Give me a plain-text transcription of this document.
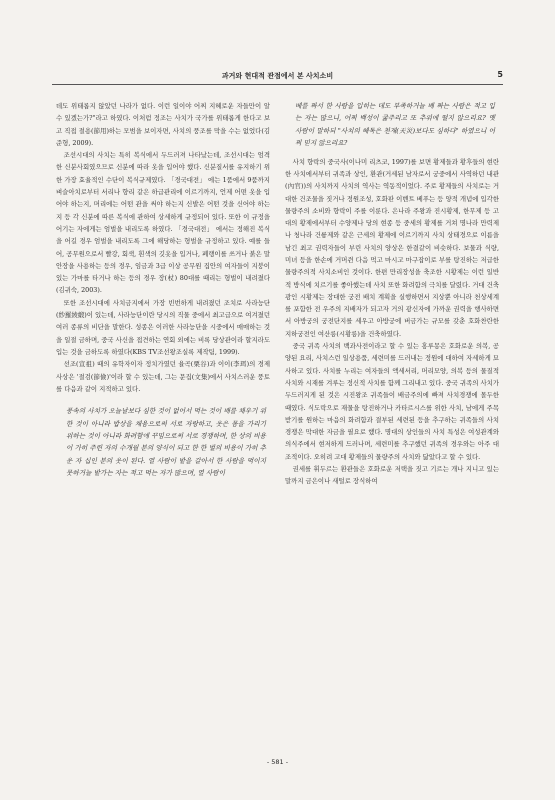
과거와 현대적 관점에서 본 사치소비	5

데도 위태롭지 않았던 나라가 없다. 이런 일이야 어찌 지혜로운 자들만이 알 수 있겠는가?"라고 하였다. 이처럼 정조는 사치가 국가를 위태롭게 한다고 보고 직접 절용(節用)하는 모범을 보이자면, 사치의 풍조를 막을 수는 없었다(김준형, 2009).

조선시대의 사치는 특히 복식에서 두드러져 나타났는데, 조선시대는 엄격한 신분사회였으므로 신분에 따라 옷을 입어야 했다. 신분질서를 유지하기 위한 가장 효율적인 수단이 복식규제였다. 「경국대전」 에는 1품에서 9품까지 벼슬아치로부터 서리나 향리 같은 하급관리에 이르기까지, 언제 어떤 옷을 입어야 하는지, 머리에는 어떤 관을 써야 하는지 신발은 어떤 것을 신어야 하는지 등 각 신분에 따른 복식에 관하여 상세하게 규정되어 있다. 또한 이 규정을 어기는 자에게는 엄벌을 내리도록 하였다. 「경국대전」 에서는 정해진 복식을 어길 경우 엄벌을 내리도록 그에 해당하는 형벌을 규정하고 있다. 예를 들어, 공무원으로서 빨강, 회색, 흰색의 깃옷을 입거나, 폐랭이를 쓰거나 붉은 말안장을 사용하는 등의 경우, 임금과 3급 이상 공무원 집안의 여자들이 지붕이 있는 가마를 타거나 하는 등의 경우 장(杖) 80대를 때리는 형벌이 내려졌다(김귀숙, 2003).

또한 조선시대에 사치금지에서 가장 빈번하게 내려졌던 조치로 사라능단(紗羅綾緞)이 있는데, 사라능단이란 당시의 직물 중에서 최고급으로 여겨졌던 여러 종류의 비단을 말한다. 성종은 이러한 사라능단을 시중에서 매매하는 것을 일절 금하며, 중국 사신을 접견하는 연회 외에는 비록 당상관이라 할지라도 입는 것을 금하도록 하였다(KBS TV조선왕조실록 제작팀, 1999).

선조(宣祖) 때의 유학자이자 정치가였던 율곡(栗谷)과 이이(李珥)의 경제사상은 '절검(節儉)'이라 할 수 있는데, 그는 문집(文集)에서 사치스러운 풍토를 다음과 같이 지적하고 있다.

풍속의 사치가 오늘날보다 심한 것이 없어서 먹는 것이 배를 채우기 위한 것이 아니라 밥상을 채움으로써 서로 자랑하고, 옷은 몸을 가리기 위하는 것이 아니라 화려함에 꾸밈으로써 서로 경쟁하며, 한 상의 비용이 가히 주린 자의 수개월 분의 양식이 되고 한 한 벌의 비용이 가히 추운 자 십인 분의 옷이 된다. 열 사람이 밭을 갈아서 한 사람을 먹이지 못하거늘 밭가는 자는 적고 먹는 자가 많으며, 열 사람이

베를 짜서 한 사람을 입히는 데도 부족하거늘 베 짜는 사람은 적고 입는 자는 많으니, 어찌 백성이 굶주리고 또 추위에 떨지 않으리요? 옛 사람이 말하되 "사치의 해독은 천재(天災)보다도 심하다" 하였으니 어찌 믿지 않으리요?

사치 향락의 중국사(이나미 리츠코, 1997)를 보면 황제들과 황후들의 현란한 사치에서부터 귀족과 상인, 환관(거세된 남자로서 궁중에서 사역하던 내관(內官))의 사치까지 사치의 역사는 역동적이었다. 주로 황제들의 사치로는 거대한 건조물을 짓거나 정원조성, 호화판 이벤트 베푸는 등 양적 개념에 입각한 물량주의 소비와 향락이 주를 이룬다. 은나라 주왕과 진시황제, 한무제 등 고대의 황제에서부터 수양제나 당의 현종 등 중세의 황제를 거쳐 명나라 만력제나 청나라 건륭제와 같은 근세의 황제에 이르기까지 사치 상태경으로 이름을 남긴 최고 권력자들이 부린 사치의 양상은 한결같이 비슷하다. 보물과 식량, 미녀 등을 한손에 거머쥔 다음 먹고 마시고 마구잡이로 부를 탕진하는 저급한 물량주의적 사치소비인 것이다. 한편 만리장성을 축조한 시황제는 이런 일반적 방식에 치르기를 좋아했는데 사치 또한 화려함의 극치를 달렸다. 거대 건축광인 시황제는 장대한 궁전 배치 계획을 실행하면서 지상뿐 아니라 천상세계를 포함한 전 우주의 지배자가 되고자 거의 광신자에 가까운 권력을 행사하면서 아방궁의 궁전단지를 세우고 아방궁에 버금가는 규모를 갖춘 호화찬란한 지하궁전인 여산릉(시황릉)을 건축하였다.

중국 귀족 사치의 백과사전이라고 할 수 있는 홍루몽은 호화로운 의복, 공양된 요리, 사치스런 일상용품, 세련미를 드러내는 정원에 대하여 자세하게 묘사하고 있다. 사치를 누리는 여자들의 액세서리, 머리모양, 의복 등의 물질적 사치와 시재를 겨루는 정신적 사치를 함께 그리내고 있다. 중국 귀족의 사치가 두드러지게 된 것은 시진왕조 귀족들이 배금주의에 빠져 사치경쟁에 몰두한 때였다. 식도락으로 재물을 탕진하거나 카타르시스를 위한 사치, 남에게 주목받기를 원하는 마음의 화려함과 결부된 세련된 등을 추구하는 귀족들의 사치경쟁은 막대한 자금을 필요로 했다. 명대의 상인들의 사치 특성은 여성관계와 의식주에서 현저하게 드러나며, 세련미를 추구했던 귀족의 경우와는 아주 대조적이다. 오히려 고대 황제들의 물량주의 사치와 닮았다고 할 수 있다.

권세를 휘두르는 환관들은 호화로운 저택을 짓고 기르는 개나 지니고 있는 말까지 금은이나 새털로 장식하여

- 581 -
